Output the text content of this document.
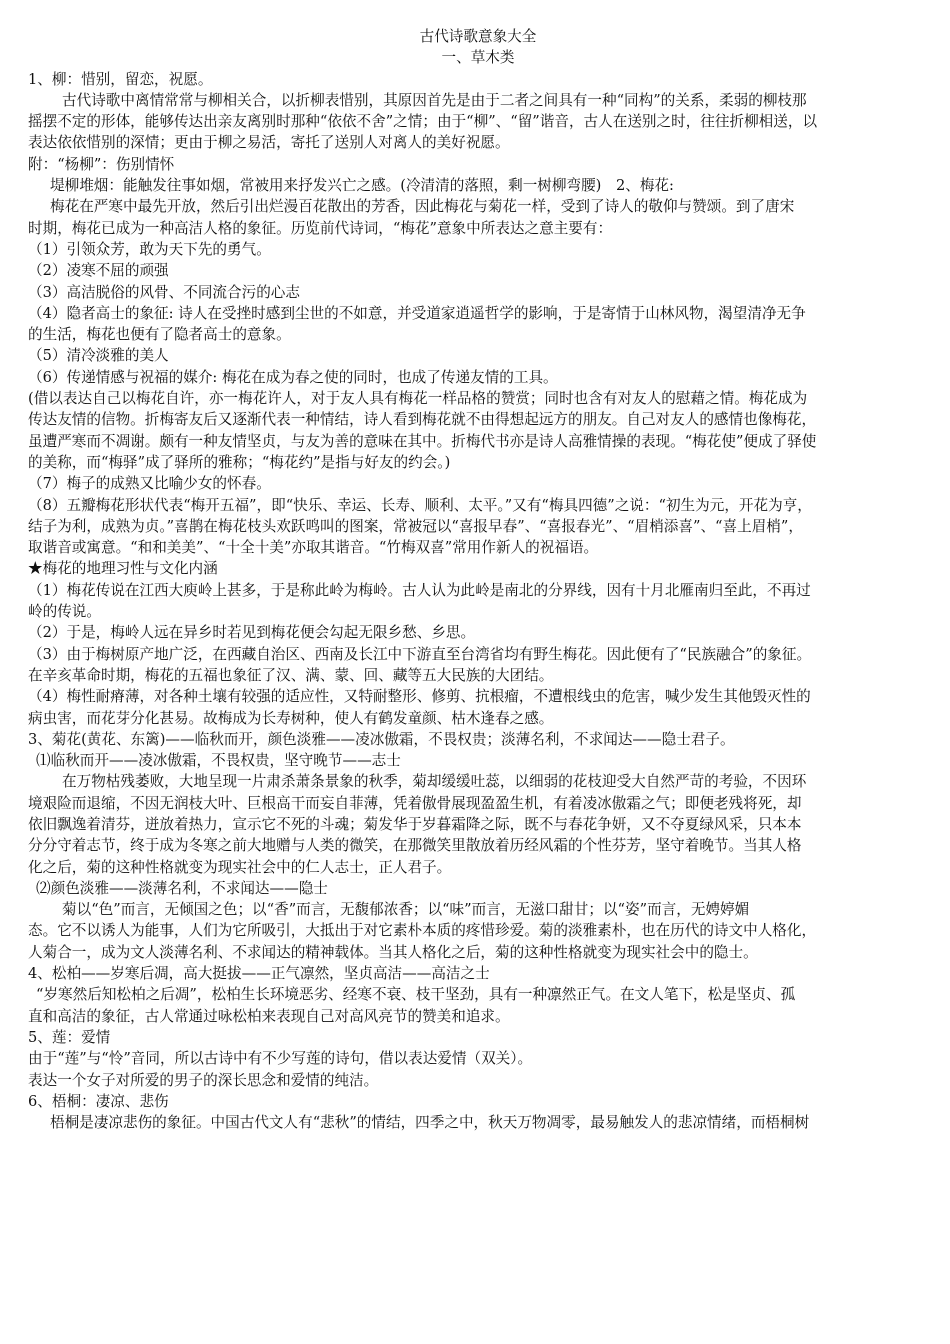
古代诗歌意象大全
一、草木类
1、柳：惜别，留恋，祝愿。
古代诗歌中离情常常与柳相关合，以折柳表惜别，其原因首先是由于二者之间具有一种“同构”的关系，柔弱的柳枝那
摇摆不定的形体，能够传达出亲友离别时那种“依依不舍”之情；由于“柳”、“留”谐音，古人在送别之时，往往折柳相送，以
表达依依惜别的深情；更由于柳之易活，寄托了送别人对离人的美好祝愿。
附：“杨柳”：伤别情怀
堤柳堆烟：能触发往事如烟，常被用来抒发兴亡之感。(冷清清的落照，剩一树柳弯腰)　2、梅花:
梅花在严寒中最先开放，然后引出烂漫百花散出的芳香，因此梅花与菊花一样，受到了诗人的敬仰与赞颂。到了唐宋
时期，梅花已成为一种高洁人格的象征。历览前代诗词，“梅花”意象中所表达之意主要有：
（1）引领众芳，敢为天下先的勇气。
（2）凌寒不屈的顽强
（3）高洁脱俗的风骨、不同流合污的心志
（4）隐者高士的象征: 诗人在受挫时感到尘世的不如意，并受道家逍遥哲学的影响，于是寄情于山林风物，渴望清净无争
的生活，梅花也便有了隐者高士的意象。
（5）清冷淡雅的美人
（6）传递情感与祝福的媒介: 梅花在成为春之使的同时，也成了传递友情的工具。
(借以表达自己以梅花自许，亦一梅花许人，对于友人具有梅花一样品格的赞赏；同时也含有对友人的慰藉之情。梅花成为
传达友情的信物。折梅寄友后又逐渐代表一种情结，诗人看到梅花就不由得想起远方的朋友。自己对友人的感情也像梅花，
虽遭严寒而不凋谢。颇有一种友情坚贞，与友为善的意味在其中。折梅代书亦是诗人高雅情操的表现。“梅花使”便成了驿使
的美称，而“梅驿”成了驿所的雅称；“梅花约”是指与好友的约会。)
（7）梅子的成熟又比喻少女的怀春。
（8）五瓣梅花形状代表“梅开五福”，即“快乐、幸运、长寿、顺利、太平。”又有“梅具四德”之说：“初生为元，开花为亨，
结子为利，成熟为贞。”喜鹊在梅花枝头欢跃鸣叫的图案，常被冠以“喜报早春”、“喜报春光”、“眉梢添喜”、“喜上眉梢”，
取谐音或寓意。“和和美美”、“十全十美”亦取其谐音。“竹梅双喜”常用作新人的祝福语。
★梅花的地理习性与文化内涵
（1）梅花传说在江西大庾岭上甚多，于是称此岭为梅岭。古人认为此岭是南北的分界线，因有十月北雁南归至此，不再过
岭的传说。
（2）于是，梅岭人远在异乡时若见到梅花便会勾起无限乡愁、乡思。
（3）由于梅树原产地广泛，在西藏自治区、西南及长江中下游直至台湾省均有野生梅花。因此便有了“民族融合”的象征。
在辛亥革命时期，梅花的五福也象征了汉、满、蒙、回、藏等五大民族的大团结。
（4）梅性耐瘠薄，对各种土壤有较强的适应性，又特耐整形、修剪、抗根瘤，不遭根线虫的危害，喊少发生其他毁灭性的
病虫害，而花芽分化甚易。故梅成为长寿树种，使人有鹤发童颜、枯木逢春之感。
3、菊花(黄花、东篱)——临秋而开，颜色淡雅——凌冰傲霜，不畏权贵；淡薄名利，不求闻达——隐士君子。
⑴临秋而开——凌冰傲霜，不畏权贵，坚守晚节——志士
在万物枯残萎败，大地呈现一片肃杀萧条景象的秋季，菊却缓缓吐蕊，以细弱的花枝迎受大自然严苛的考验，不因环
境艰险而退缩，不因无润枝大叶、巨根高干而妄自菲薄，凭着傲骨展现盈盈生机，有着凌冰傲霜之气；即便老残将死，却
依旧飘逸着清芬，迸放着热力，宣示它不死的斗魂；菊发华于岁暮霜降之际，既不与春花争妍，又不夺夏绿风采，只本本
分分守着志节，终于成为冬寒之前大地赠与人类的微笑，在那微笑里散放着历经风霜的个性芬芳，坚守着晚节。当其人格
化之后，菊的这种性格就变为现实社会中的仁人志士，正人君子。
⑵颜色淡雅——淡薄名利，不求闻达——隐士
菊以“色”而言，无倾国之色；以“香”而言，无馥郁浓香；以“味”而言，无滋口甜甘；以“姿”而言，无娉婷媚
态。它不以诱人为能事，人们为它所吸引，大抵出于对它素朴本质的疼惜珍爱。菊的淡雅素朴，也在历代的诗文中人格化，
人菊合一，成为文人淡薄名利、不求闻达的精神载体。当其人格化之后，菊的这种性格就变为现实社会中的隐士。
4、松柏——岁寒后凋，高大挺拔——正气凛然，坚贞高洁——高洁之士
“岁寒然后知松柏之后凋”，松柏生长环境恶劣、经寒不衰、枝干坚劲，具有一种凛然正气。在文人笔下，松是坚贞、孤
直和高洁的象征，古人常通过咏松柏来表现自己对高风亮节的赞美和追求。
5、莲：爱情
由于“莲”与“怜”音同，所以古诗中有不少写莲的诗句，借以表达爱情（双关）。
表达一个女子对所爱的男子的深长思念和爱情的纯洁。
6、梧桐：凄凉、悲伤
梧桐是凄凉悲伤的象征。中国古代文人有“悲秋”的情结，四季之中，秋天万物凋零，最易触发人的悲凉情绪，而梧桐树
